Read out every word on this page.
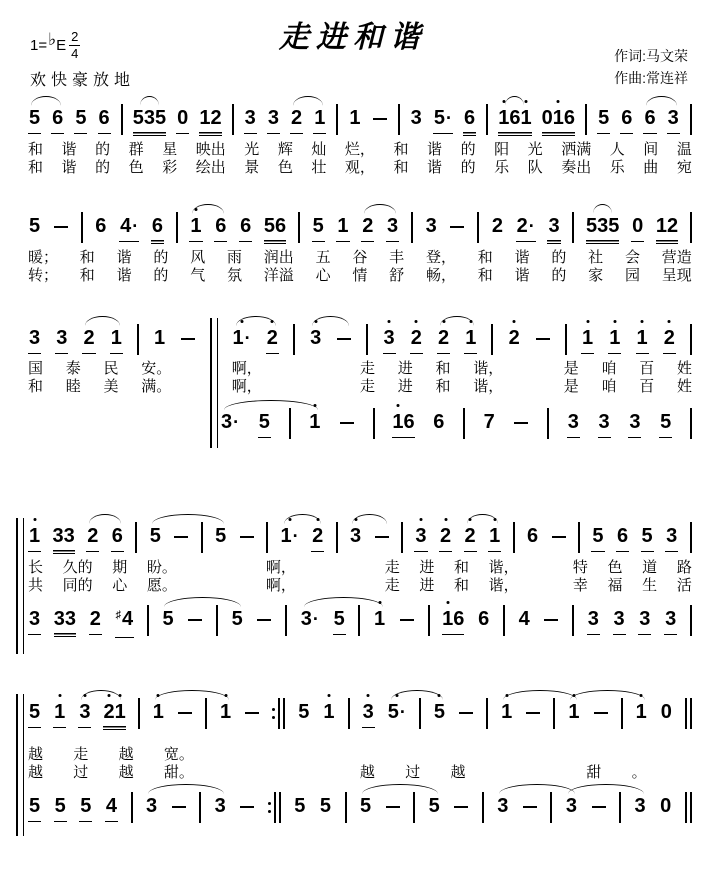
走进和谐
1= ♭ E $\frac{2}{4}$
欢快豪放地
作词:马文荣
作曲:常连祥
5 6 5 6 5 3 5 0 1 2 3 3 2 1 1	3 5· 6 1 6 1 0 1 6 5 6 6 3
和 谐 的 群 星 映出 光 辉 灿 烂， 和 谐 的 阳 光 洒满 人 间 温
和 谐 的 色 彩 绘出 景 色 壮 观， 和 谐 的 乐 队 奏出 乐 曲 宛
5	6 4· 6 1 6 6 5 6 5 1 2 3 3	2 2· 3 5 3 5 0 1 2
暖； 和 谐 的 风 雨 润出 五 谷 丰 登， 和 谐 的 社 会 营造
转； 和 谐 的 气 氛 洋溢 心 情 舒 畅， 和 谐 的 家 园 呈现
3 3 2 1 1	1· 2 3	3 2 2 1 2	1 1 1 2
国 泰 民 安。	啊，	走 进 和 谐，	是 咱 百 姓
和 睦 美 满。	啊，	走 进 和 谐，	是 咱 百 姓
3· 5 1	1 6 6 7	3 3 3 5
1 3 3 2 6 5	5	1· 2 3	3 2 2 1 6	5 6 5 3
长 久的 期 盼。	啊，	走 进 和 谐，	特 色 道 路
共 同的 心 愿。	啊，	走 进 和 谐，	幸 福 生 活
3 3 3 2 ♯4 5	5	3· 5 1	1 6 6 4	3 3 3 3
5 1 3 2 1 1	1	5 1 3 5· 5	1	1	1 0
越 走 越 宽。
越 过 越 甜。	越 过 越	甜 。
5 5 5 4 3	3	5 5 5	5	3	3	3 0
